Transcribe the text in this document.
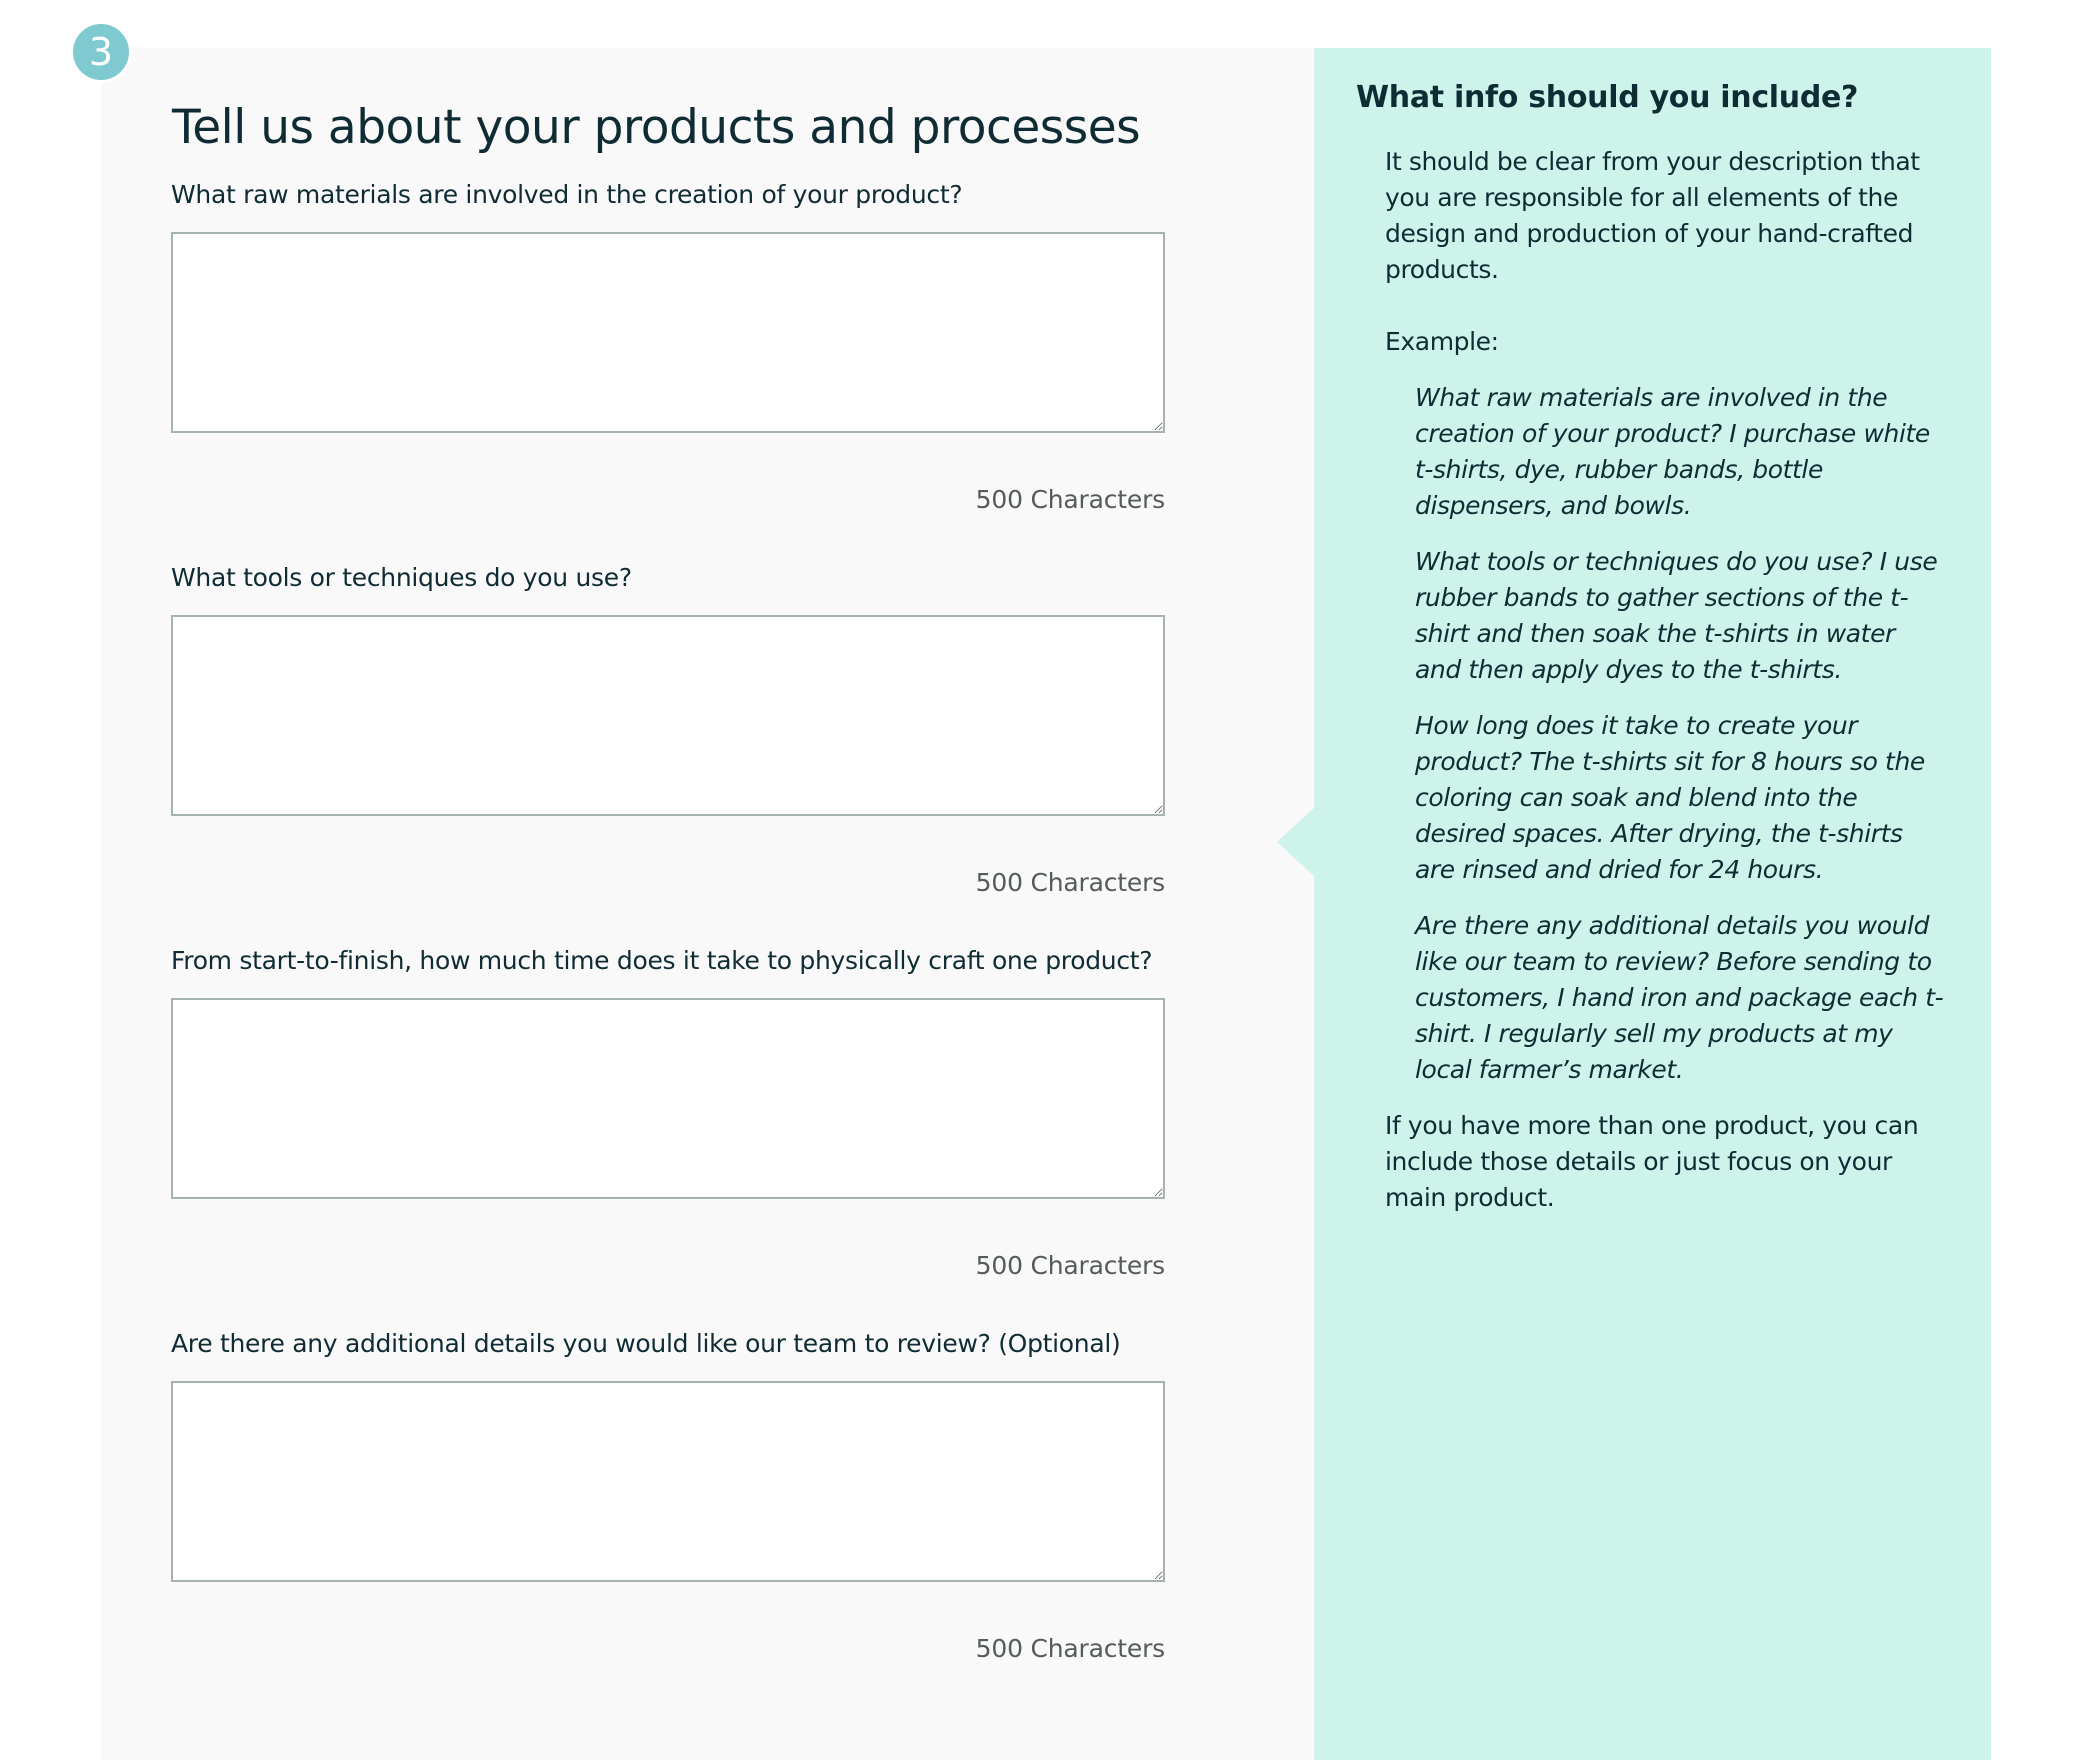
3
Tell us about your products and processes
What raw materials are involved in the creation of your product?
500 Characters
What tools or techniques do you use?
500 Characters
From start-to-finish, how much time does it take to physically craft one product?
500 Characters
Are there any additional details you would like our team to review? (Optional)
500 Characters
What info should you include?

It should be clear from your description that you are responsible for all elements of the design and production of your hand-crafted products.

Example:

What raw materials are involved in the creation of your product? I purchase white t-shirts, dye, rubber bands, bottle dispensers, and bowls.

What tools or techniques do you use? I use rubber bands to gather sections of the t-shirt and then soak the t-shirts in water and then apply dyes to the t-shirts.

How long does it take to create your product? The t-shirts sit for 8 hours so the coloring can soak and blend into the desired spaces. After drying, the t-shirts are rinsed and dried for 24 hours.

Are there any additional details you would like our team to review? Before sending to customers, I hand iron and package each t-shirt. I regularly sell my products at my local farmer’s market.

If you have more than one product, you can include those details or just focus on your main product.
